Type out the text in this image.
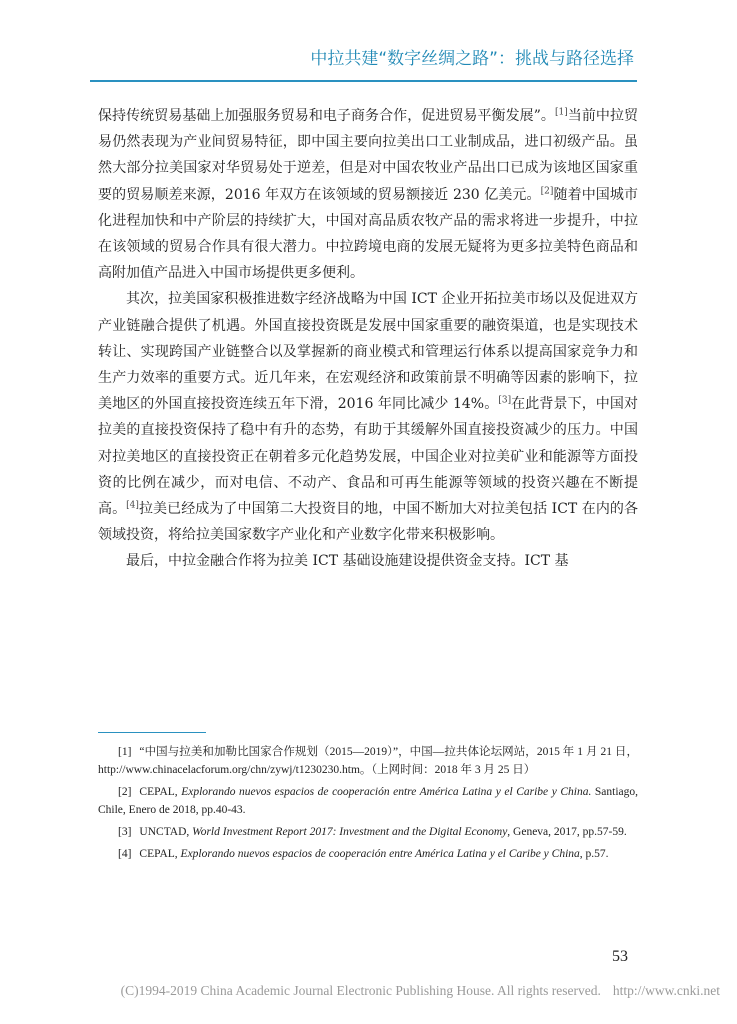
中拉共建“数字丝绸之路”：挑战与路径选择

保持传统贸易基础上加强服务贸易和电子商务合作，促进贸易平衡发展”。[1]当前中拉贸易仍然表现为产业间贸易特征，即中国主要向拉美出口工业制成品，进口初级产品。虽然大部分拉美国家对华贸易处于逆差，但是对中国农牧业产品出口已成为该地区国家重要的贸易顺差来源，2016 年双方在该领域的贸易额接近 230 亿美元。[2]随着中国城市化进程加快和中产阶层的持续扩大，中国对高品质农牧产品的需求将进一步提升，中拉在该领域的贸易合作具有很大潜力。中拉跨境电商的发展无疑将为更多拉美特色商品和高附加值产品进入中国市场提供更多便利。

其次，拉美国家积极推进数字经济战略为中国 ICT 企业开拓拉美市场以及促进双方产业链融合提供了机遇。外国直接投资既是发展中国家重要的融资渠道，也是实现技术转让、实现跨国产业链整合以及掌握新的商业模式和管理运行体系以提高国家竞争力和生产力效率的重要方式。近几年来，在宏观经济和政策前景不明确等因素的影响下，拉美地区的外国直接投资连续五年下滑，2016 年同比减少 14%。[3]在此背景下，中国对拉美的直接投资保持了稳中有升的态势，有助于其缓解外国直接投资减少的压力。中国对拉美地区的直接投资正在朝着多元化趋势发展，中国企业对拉美矿业和能源等方面投资的比例在减少，而对电信、不动产、食品和可再生能源等领域的投资兴趣在不断提高。[4]拉美已经成为了中国第二大投资目的地，中国不断加大对拉美包括 ICT 在内的各领域投资，将给拉美国家数字产业化和产业数字化带来积极影响。

最后，中拉金融合作将为拉美 ICT 基础设施建设提供资金支持。ICT 基

[1] “中国与拉美和加勒比国家合作规划（2015—2019）”，中国—拉共体论坛网站，2015 年 1 月 21 日，http://www.chinacelacforum.org/chn/zywj/t1230230.htm。（上网时间：2018 年 3 月 25 日）

[2] CEPAL, Explorando nuevos espacios de cooperación entre América Latina y el Caribe y China. Santiago, Chile, Enero de 2018, pp.40-43.

[3] UNCTAD, World Investment Report 2017: Investment and the Digital Economy, Geneva, 2017, pp.57-59.

[4] CEPAL, Explorando nuevos espacios de cooperación entre América Latina y el Caribe y China, p.57.

53
(C)1994-2019 China Academic Journal Electronic Publishing House. All rights reserved. http://www.cnki.net
